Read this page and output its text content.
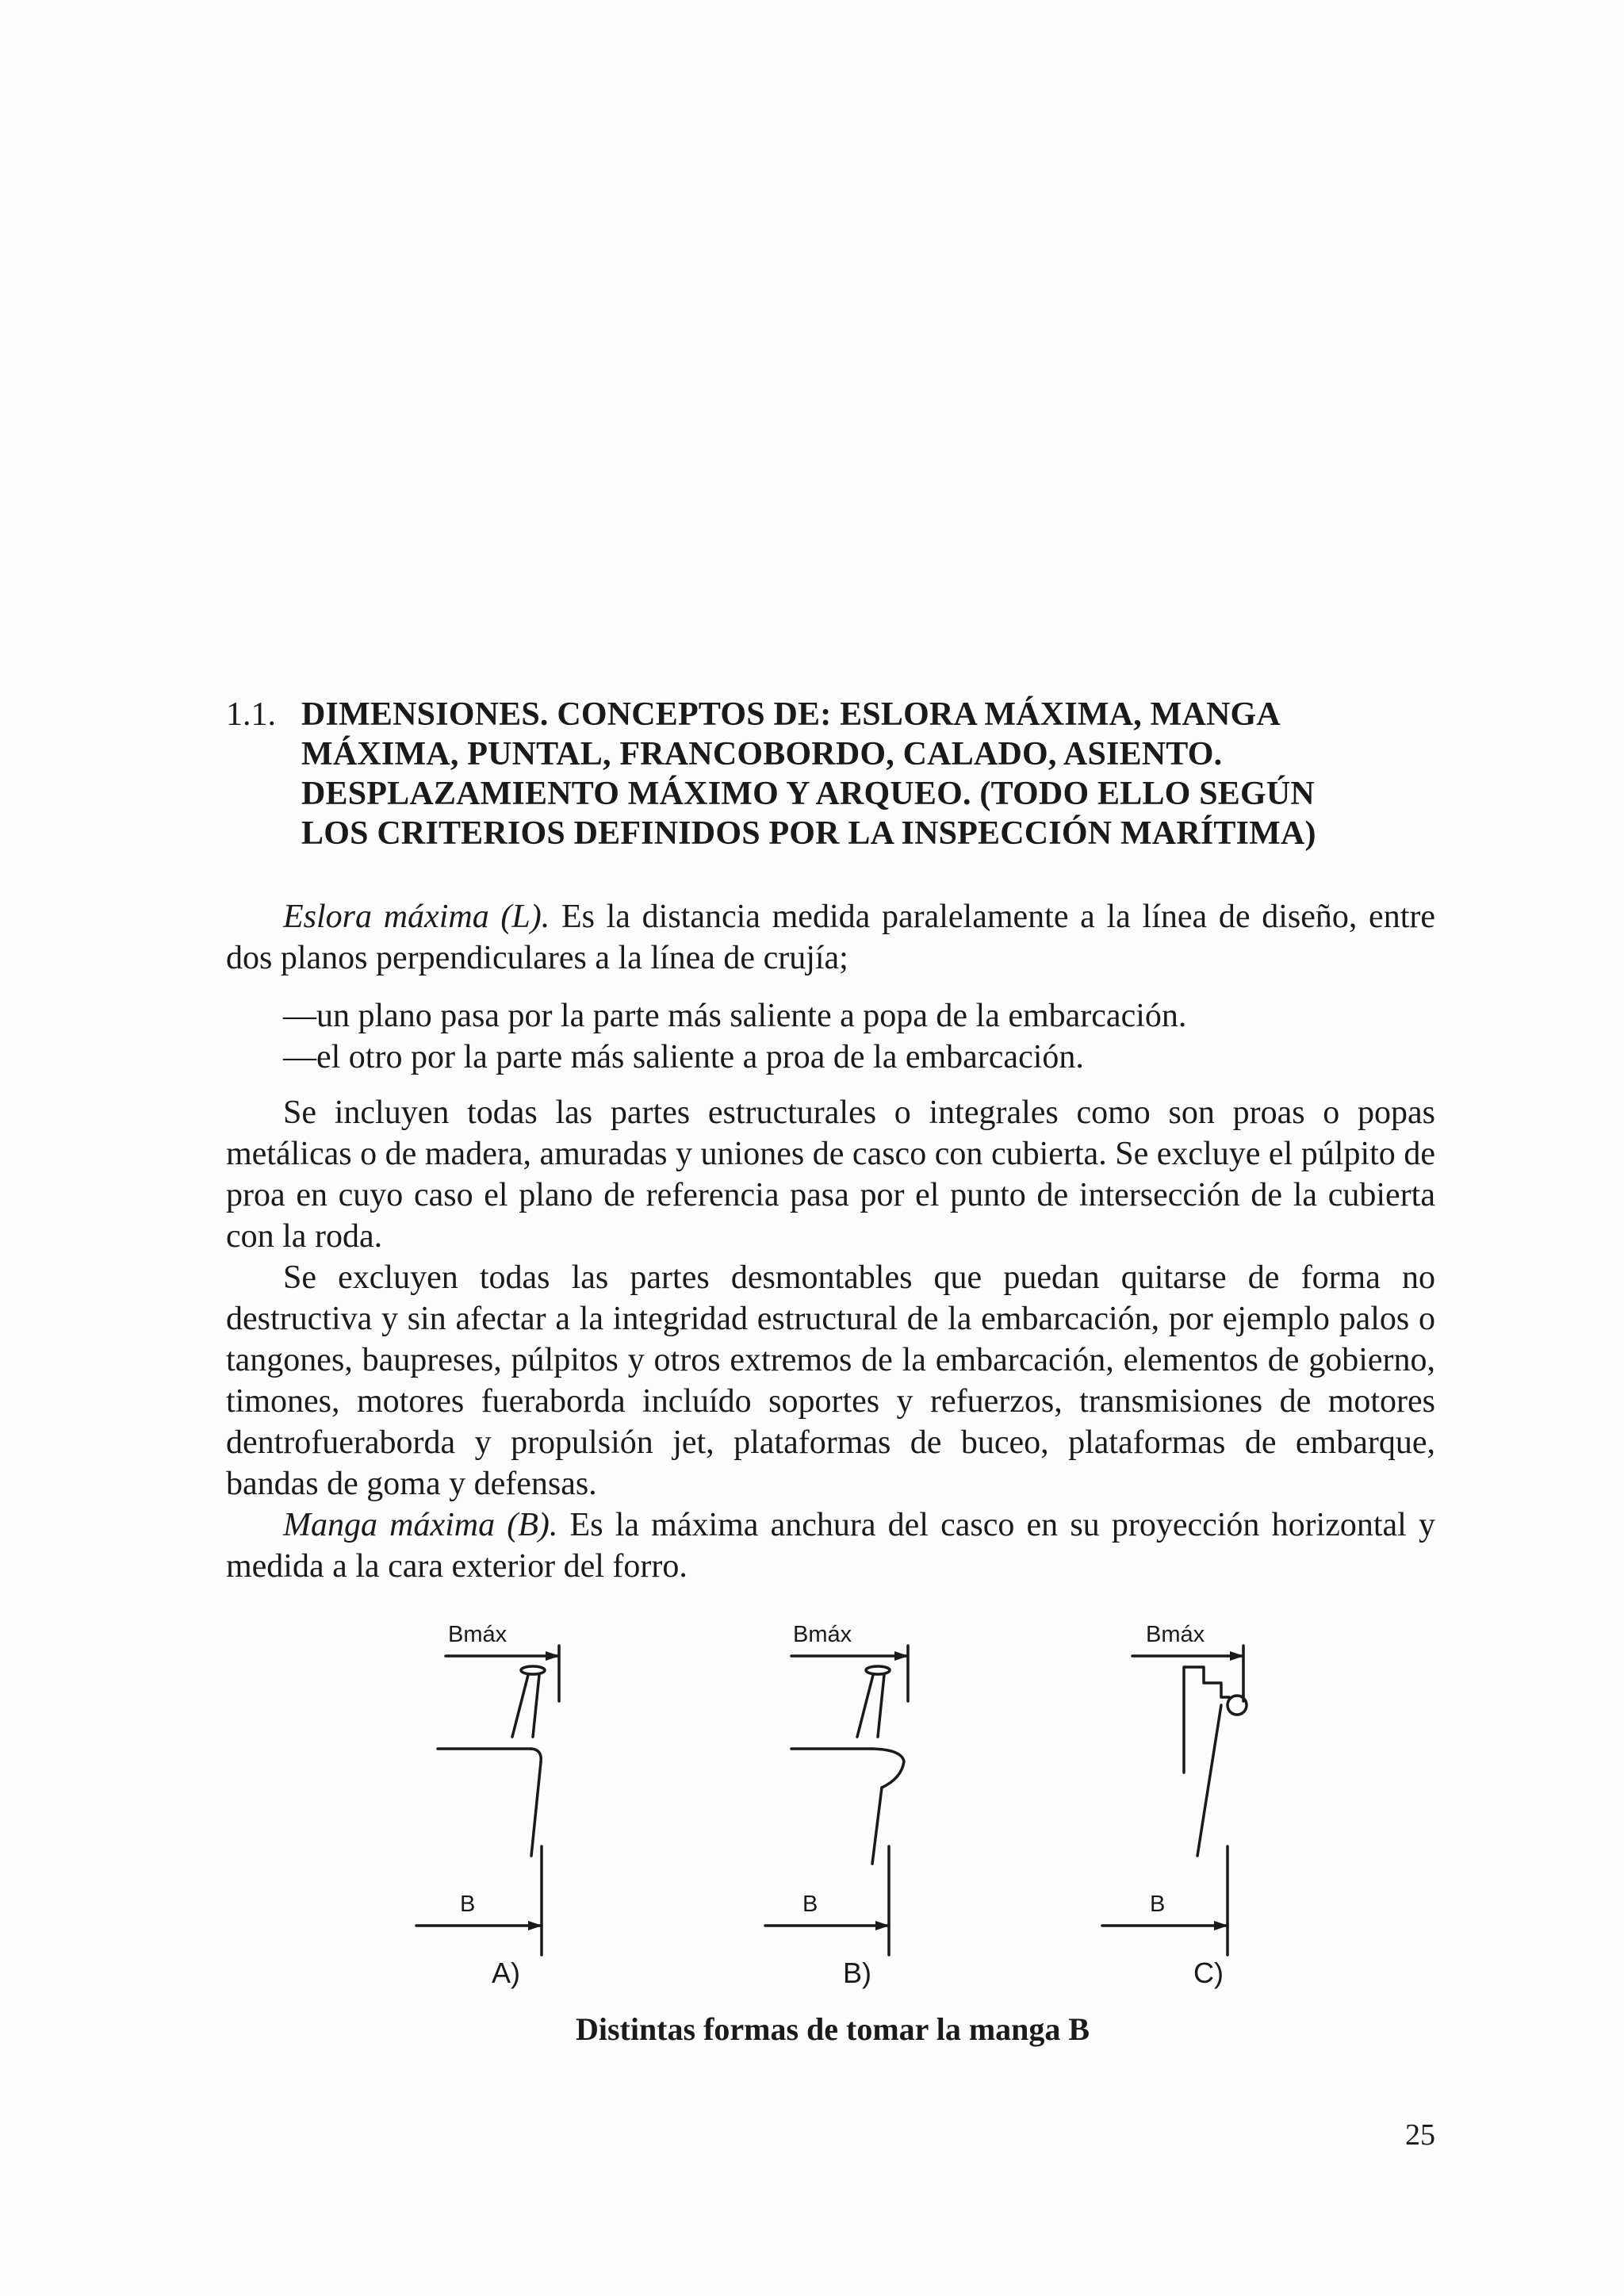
1.1. DIMENSIONES. CONCEPTOS DE: ESLORA MÁXIMA, MANGA
MÁXIMA, PUNTAL, FRANCOBORDO, CALADO, ASIENTO.
DESPLAZAMIENTO MÁXIMO Y ARQUEO. (TODO ELLO SEGÚN
LOS CRITERIOS DEFINIDOS POR LA INSPECCIÓN MARÍTIMA)

Eslora máxima (L). Es la distancia medida paralelamente a la línea de diseño, entre dos planos perpendiculares a la línea de crujía;

—un plano pasa por la parte más saliente a popa de la embarcación.

—el otro por la parte más saliente a proa de la embarcación.

Se incluyen todas las partes estructurales o integrales como son proas o popas metálicas o de madera, amuradas y uniones de casco con cubierta. Se excluye el púlpito de proa en cuyo caso el plano de referencia pasa por el punto de intersección de la cubierta con la roda.

Se excluyen todas las partes desmontables que puedan quitarse de forma no destructiva y sin afectar a la integridad estructural de la embarcación, por ejemplo palos o tangones, baupreses, púlpitos y otros extremos de la embarcación, elementos de gobierno, timones, motores fueraborda incluído soportes y refuerzos, transmisiones de motores dentrofueraborda y propulsión jet, plataformas de buceo, plataformas de embarque, bandas de goma y defensas.

Manga máxima (B). Es la máxima anchura del casco en su proyección horizontal y medida a la cara exterior del forro.

Bmáx	Bmáx	Bmáx
B	B	B
A)	B)	C)
Distintas formas de tomar la manga B
25
